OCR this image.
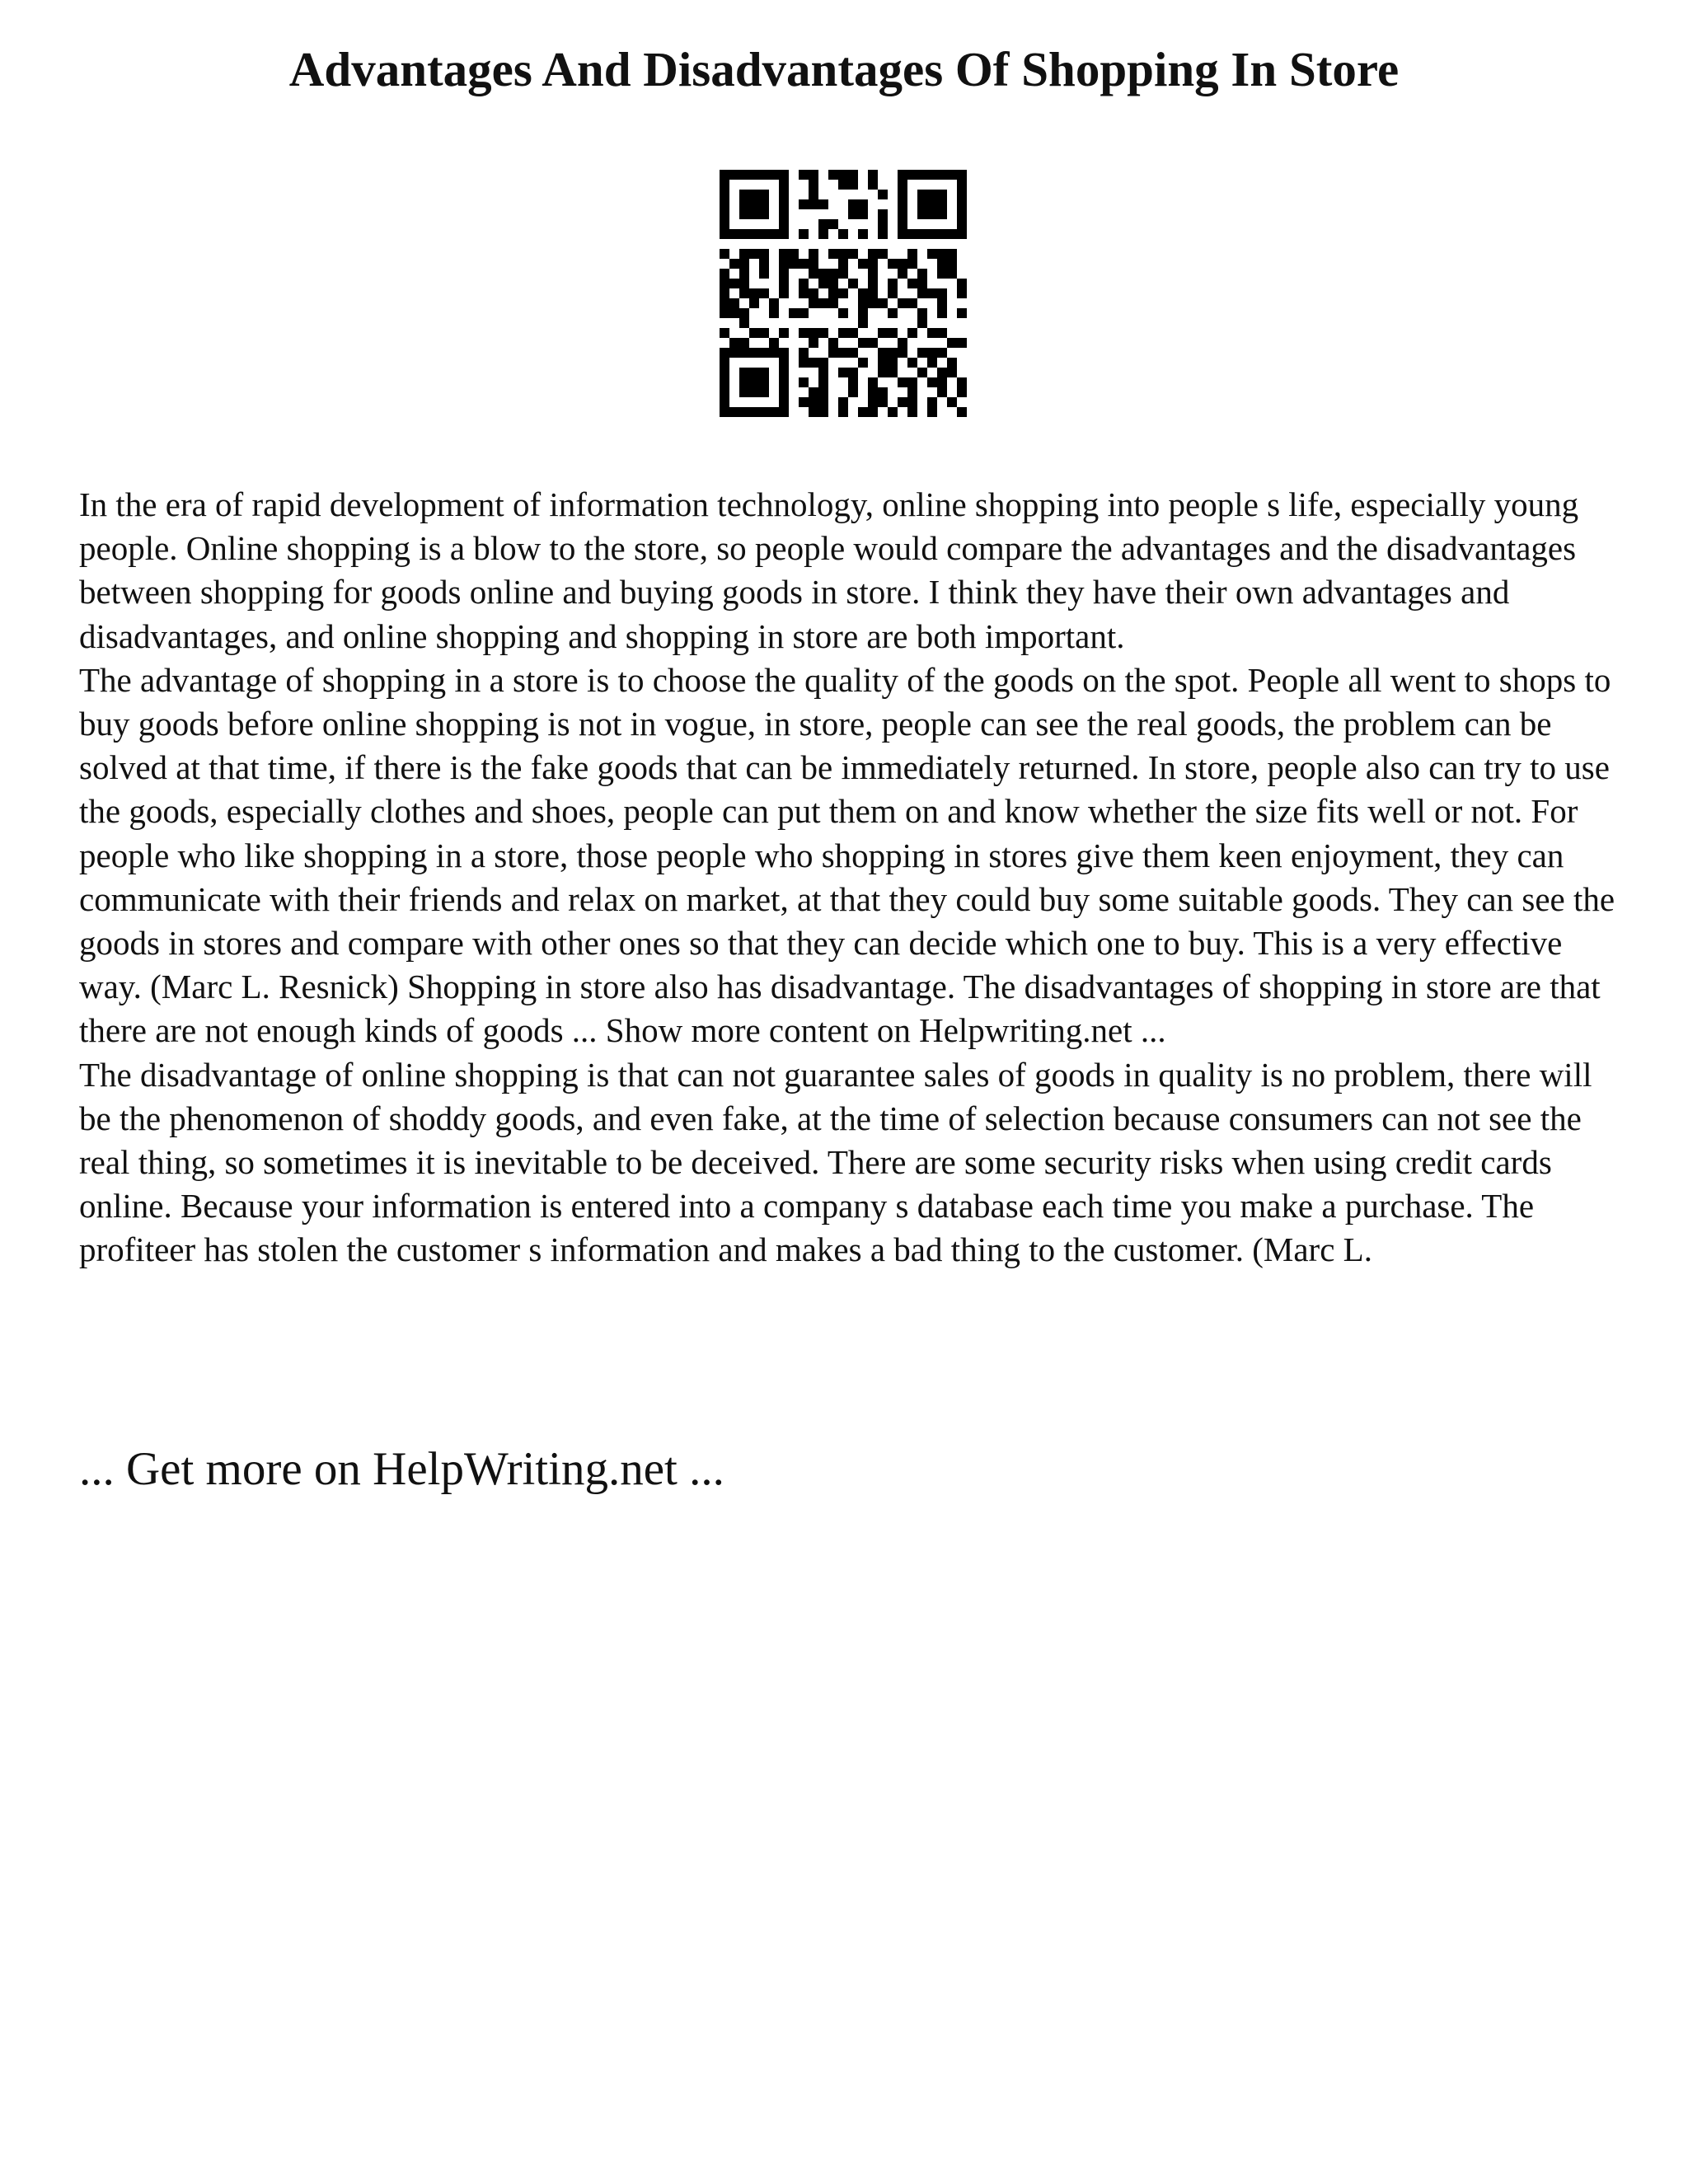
Advantages And Disadvantages Of Shopping In Store

In the era of rapid development of information technology, online shopping into people s life, especially young people. Online shopping is a blow to the store, so people would compare the advantages and the disadvantages between shopping for goods online and buying goods in store. I think they have their own advantages and disadvantages, and online shopping and shopping in store are both important.

The advantage of shopping in a store is to choose the quality of the goods on the spot. People all went to shops to buy goods before online shopping is not in vogue, in store, people can see the real goods, the problem can be solved at that time, if there is the fake goods that can be immediately returned. In store, people also can try to use the goods, especially clothes and shoes, people can put them on and know whether the size fits well or not. For people who like shopping in a store, those people who shopping in stores give them keen enjoyment, they can communicate with their friends and relax on market, at that they could buy some suitable goods. They can see the goods in stores and compare with other ones so that they can decide which one to buy. This is a very effective way. (Marc L. Resnick) Shopping in store also has disadvantage. The disadvantages of shopping in store are that there are not enough kinds of goods ... Show more content on Helpwriting.net ...

The disadvantage of online shopping is that can not guarantee sales of goods in quality is no problem, there will be the phenomenon of shoddy goods, and even fake, at the time of selection because consumers can not see the real thing, so sometimes it is inevitable to be deceived. There are some security risks when using credit cards online. Because your information is entered into a company s database each time you make a purchase. The profiteer has stolen the customer s information and makes a bad thing to the customer. (Marc L.

... Get more on HelpWriting.net ...
